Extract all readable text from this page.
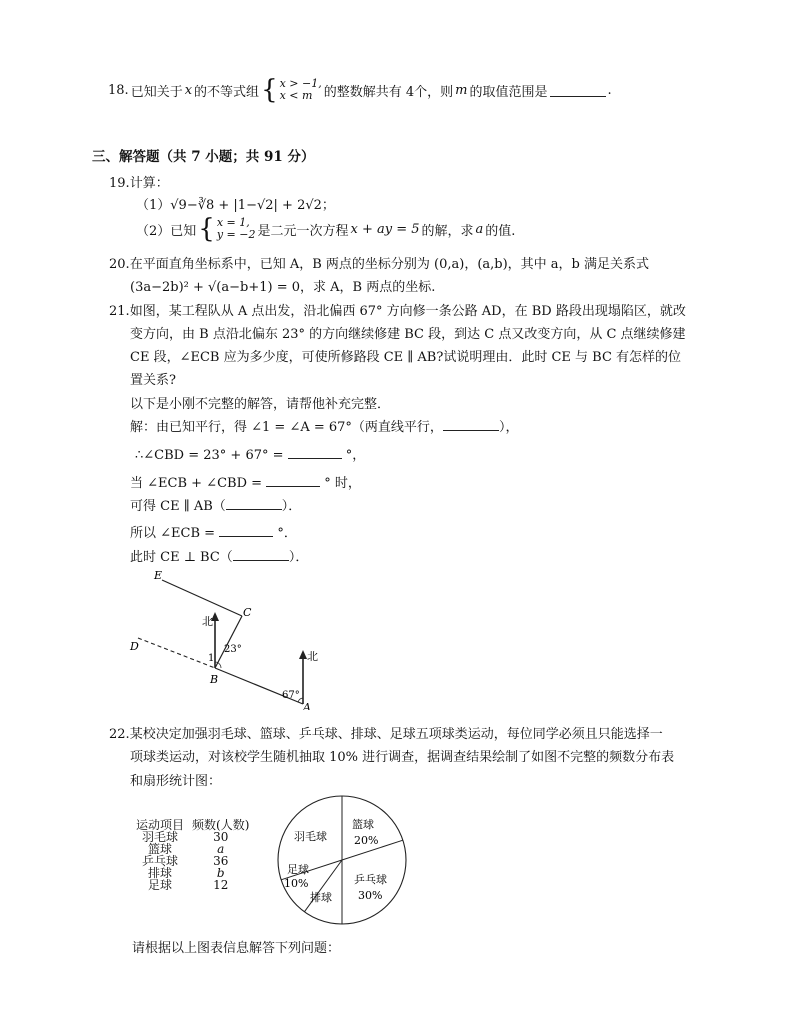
18. 已知关于 x 的不等式组 { x > −1,
x < m 的整数解共有 4个，则 m 的取值范围是	.
三、解答题（共 7 小题；共 91 分）
19.计算：
（1）√9−∛8 + |1−√2| + 2√2；
（2）已知 { x = 1,
y = −2 是二元一次方程 x + ay = 5 的解，求 a 的值.
20.在平面直角坐标系中，已知 A，B 两点的坐标分别为 (0,a)，(a,b)，其中 a，b 满足关系式
(3a−2b)² + √(a−b+1) = 0，求 A，B 两点的坐标.
21.如图，某工程队从 A 点出发，沿北偏西 67° 方向修一条公路 AD，在 BD 路段出现塌陷区，就改
变方向，由 B 点沿北偏东 23° 的方向继续修建 BC 段，到达 C 点又改变方向，从 C 点继续修建
CE 段，∠ECB 应为多少度，可使所修路段 CE ∥ AB?试说明理由．此时 CE 与 BC 有怎样的位
置关系?
以下是小刚不完整的解答，请帮他补充完整．
解：由已知平行，得 ∠1 = ∠A = 67°（两直线平行，	），
∴∠CBD = 23° + 67° =	°，
当 ∠ECB + ∠CBD =	° 时，
可得 CE ∥ AB（	）．
所以 ∠ECB =	°．
此时 CE ⊥ BC（	）．
E
C
D
B
A
北
北
1
23°
67°
22.某校决定加强羽毛球、篮球、乒乓球、排球、足球五项球类运动，每位同学必须且只能选择一
项球类运动，对该校学生随机抽取 10% 进行调查，据调查结果绘制了如图不完整的频数分布表
和扇形统计图：
运动项目	频数(人数)
羽毛球	30
篮球	a
乒乓球	36
排球	b
足球	12
羽毛球
篮球
20%
乒乓球
30%
排球
足球
10%
请根据以上图表信息解答下列问题：
